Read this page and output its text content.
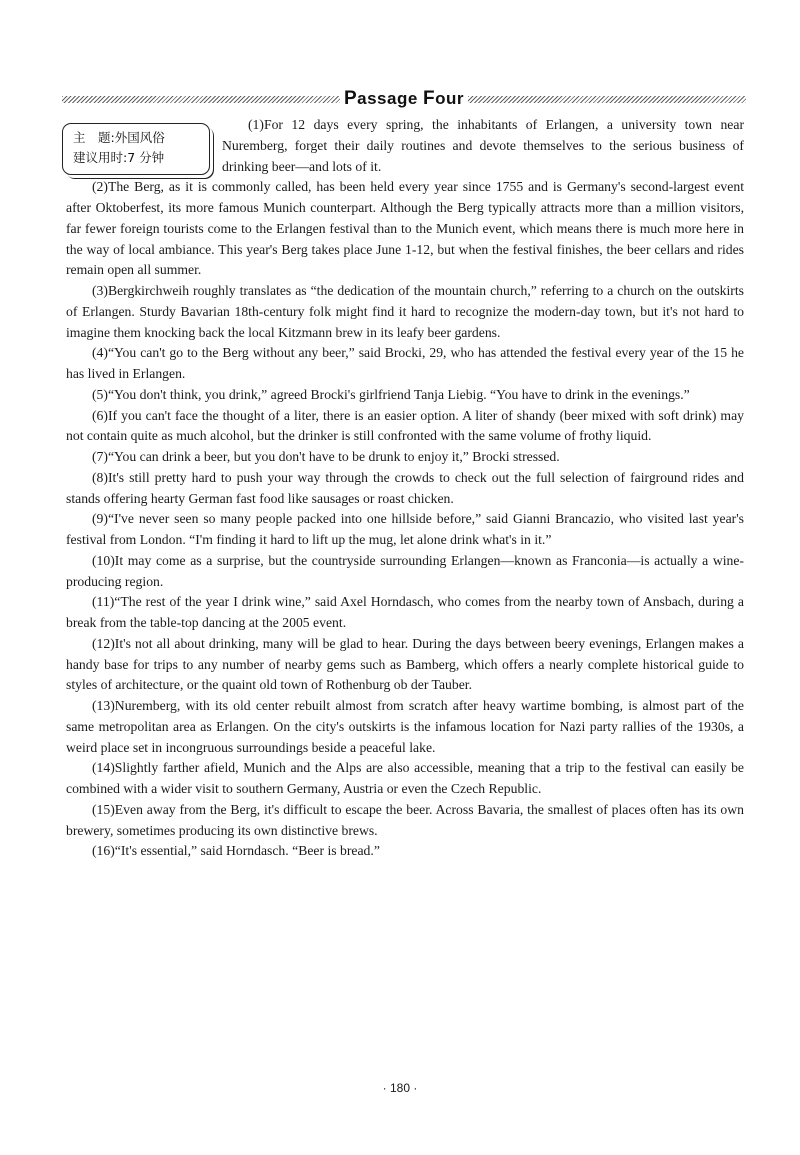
Passage Four
主　题:外国风俗
建议用时:7 分钟

(1)For 12 days every spring, the inhabitants of Erlangen, a university town near Nuremberg, forget their daily routines and devote themselves to the serious business of drinking beer—and lots of it.

(2)The Berg, as it is commonly called, has been held every year since 1755 and is Germany's second-largest event after Oktoberfest, its more famous Munich counterpart. Although the Berg typically attracts more than a million visitors, far fewer foreign tourists come to the Erlangen festival than to the Munich event, which means there is much more here in the way of local ambiance. This year's Berg takes place June 1-12, but when the festival finishes, the beer cellars and rides remain open all summer.

(3)Bergkirchweih roughly translates as “the dedication of the mountain church,” referring to a church on the outskirts of Erlangen. Sturdy Bavarian 18th-century folk might find it hard to recognize the modern-day town, but it's not hard to imagine them knocking back the local Kitzmann brew in its leafy beer gardens.

(4)“You can't go to the Berg without any beer,” said Brocki, 29, who has attended the festival every year of the 15 he has lived in Erlangen.

(5)“You don't think, you drink,” agreed Brocki's girlfriend Tanja Liebig. “You have to drink in the evenings.”

(6)If you can't face the thought of a liter, there is an easier option. A liter of shandy (beer mixed with soft drink) may not contain quite as much alcohol, but the drinker is still confronted with the same volume of frothy liquid.

(7)“You can drink a beer, but you don't have to be drunk to enjoy it,” Brocki stressed.

(8)It's still pretty hard to push your way through the crowds to check out the full selection of fairground rides and stands offering hearty German fast food like sausages or roast chicken.

(9)“I've never seen so many people packed into one hillside before,” said Gianni Brancazio, who visited last year's festival from London. “I'm finding it hard to lift up the mug, let alone drink what's in it.”

(10)It may come as a surprise, but the countryside surrounding Erlangen—known as Franconia—is actually a wine-producing region.

(11)“The rest of the year I drink wine,” said Axel Horndasch, who comes from the nearby town of Ansbach, during a break from the table-top dancing at the 2005 event.

(12)It's not all about drinking, many will be glad to hear. During the days between beery evenings, Erlangen makes a handy base for trips to any number of nearby gems such as Bamberg, which offers a nearly complete historical guide to styles of architecture, or the quaint old town of Rothenburg ob der Tauber.

(13)Nuremberg, with its old center rebuilt almost from scratch after heavy wartime bombing, is almost part of the same metropolitan area as Erlangen. On the city's outskirts is the infamous location for Nazi party rallies of the 1930s, a weird place set in incongruous surroundings beside a peaceful lake.

(14)Slightly farther afield, Munich and the Alps are also accessible, meaning that a trip to the festival can easily be combined with a wider visit to southern Germany, Austria or even the Czech Republic.

(15)Even away from the Berg, it's difficult to escape the beer. Across Bavaria, the smallest of places often has its own brewery, sometimes producing its own distinctive brews.

(16)“It's essential,” said Horndasch. “Beer is bread.”

· 180 ·
